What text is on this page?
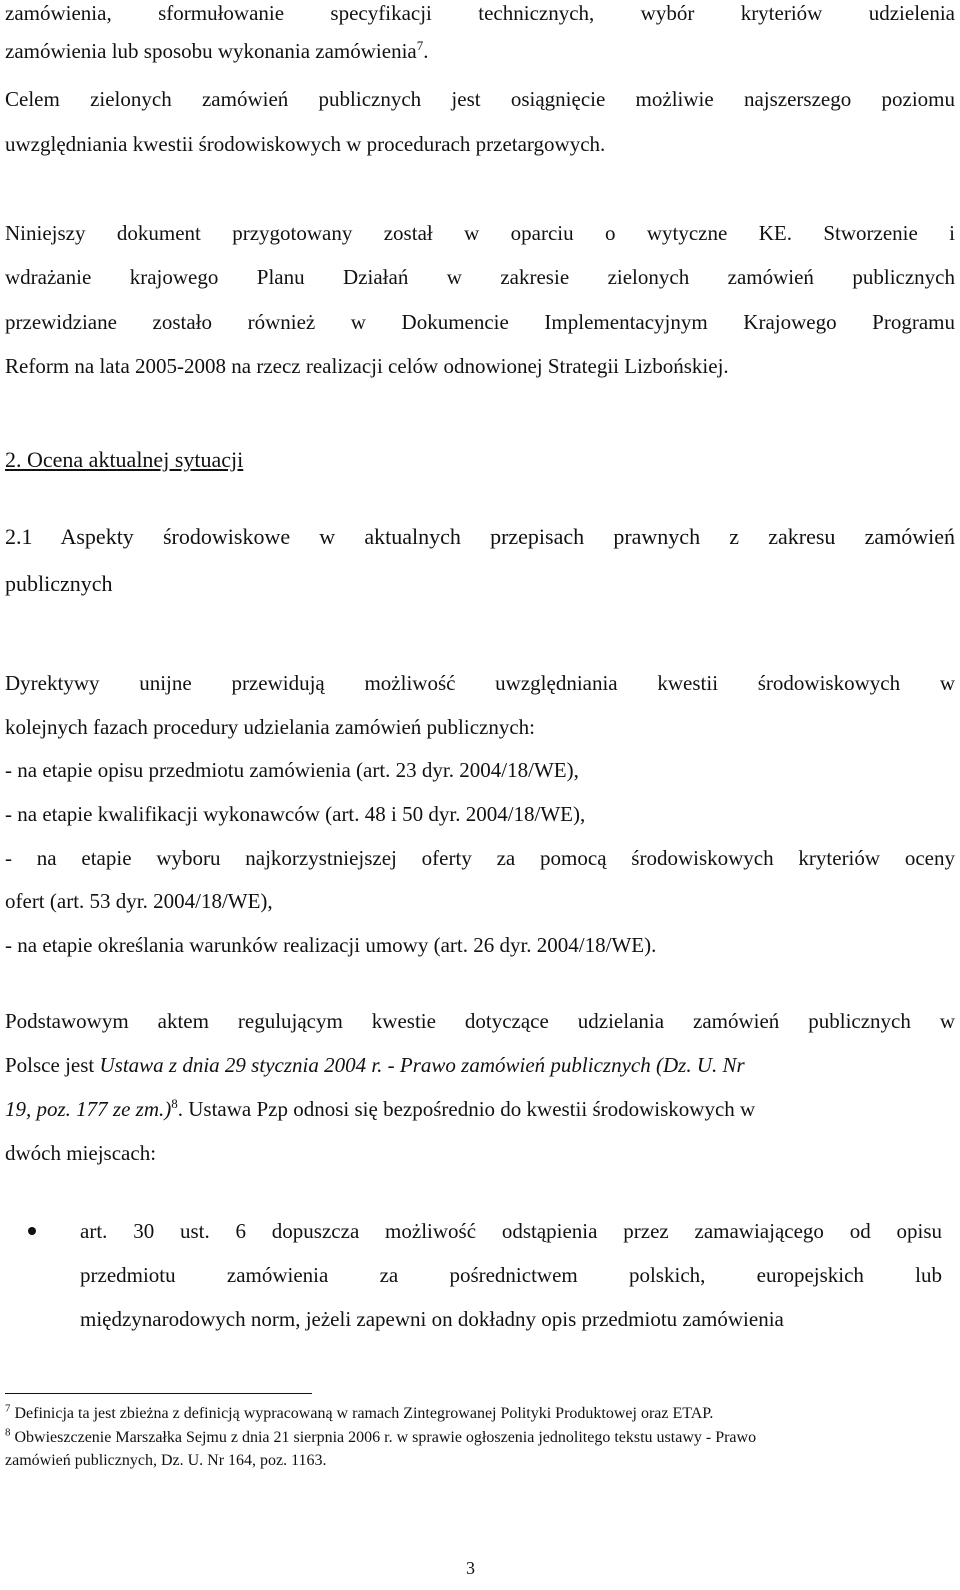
zamówienia, sformułowanie specyfikacji technicznych, wybór kryteriów udzielenia
zamówienia lub sposobu wykonania zamówienia$^7$.
Celem zielonych zamówień publicznych jest osiągnięcie możliwie najszerszego poziomu
uwzględniania kwestii środowiskowych w procedurach przetargowych.
Niniejszy dokument przygotowany został w oparciu o wytyczne KE. Stworzenie i
wdrażanie krajowego Planu Działań w zakresie zielonych zamówień publicznych
przewidziane zostało również w Dokumencie Implementacyjnym Krajowego Programu
Reform na lata 2005-2008 na rzecz realizacji celów odnowionej Strategii Lizbońskiej.
2. Ocena aktualnej sytuacji
2.1 Aspekty środowiskowe w aktualnych przepisach prawnych z zakresu zamówień
publicznych
Dyrektywy unijne przewidują możliwość uwzględniania kwestii środowiskowych w
kolejnych fazach procedury udzielania zamówień publicznych:
- na etapie opisu przedmiotu zamówienia (art. 23 dyr. 2004/18/WE),
- na etapie kwalifikacji wykonawców (art. 48 i 50 dyr. 2004/18/WE),
- na etapie wyboru najkorzystniejszej oferty za pomocą środowiskowych kryteriów oceny
ofert (art. 53 dyr. 2004/18/WE),
- na etapie określania warunków realizacji umowy (art. 26 dyr. 2004/18/WE).
Podstawowym aktem regulującym kwestie dotyczące udzielania zamówień publicznych w
Polsce jest Ustawa z dnia 29 stycznia 2004 r. - Prawo zamówień publicznych (Dz. U. Nr
19, poz. 177 ze zm.)$^8$. Ustawa Pzp odnosi się bezpośrednio do kwestii środowiskowych w
dwóch miejscach:
art. 30 ust. 6 dopuszcza możliwość odstąpienia przez zamawiającego od opisu
przedmiotu zamówienia za pośrednictwem polskich, europejskich lub
międzynarodowych norm, jeżeli zapewni on dokładny opis przedmiotu zamówienia
$^7$ Definicja ta jest zbieżna z definicją wypracowaną w ramach Zintegrowanej Polityki Produktowej oraz ETAP.
$^8$ Obwieszczenie Marszałka Sejmu z dnia 21 sierpnia 2006 r. w sprawie ogłoszenia jednolitego tekstu ustawy - Prawo
zamówień publicznych, Dz. U. Nr 164, poz. 1163.
3
